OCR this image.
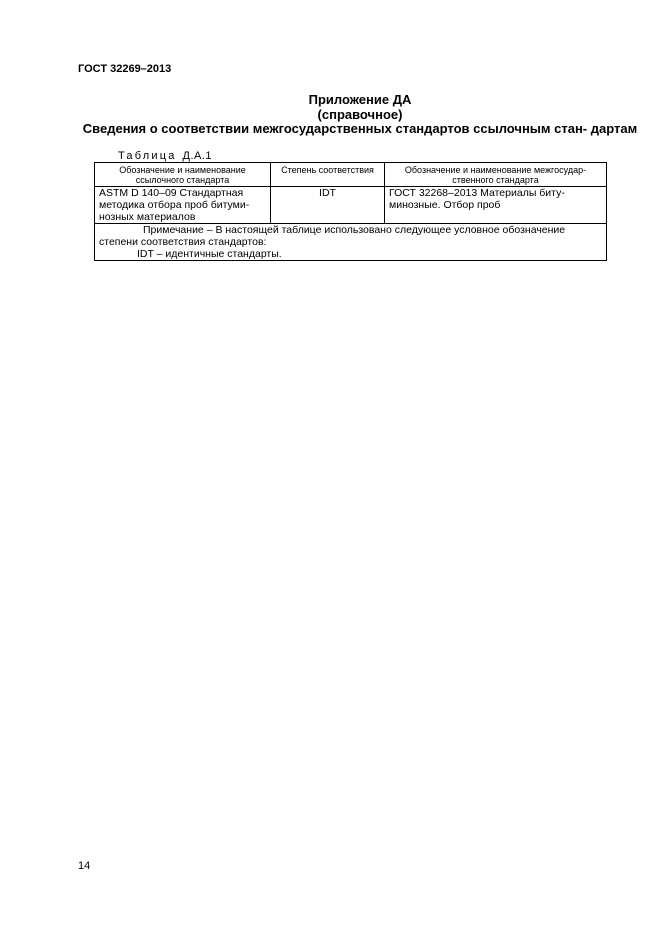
ГОСТ 32269–2013
Приложение ДА
(справочное)
Сведения о соответствии межгосударственных стандартов ссылочным стан- дартам
Таблица Д.А.1
Обозначение и наименование ссылочного стандарта	Степень соответствия	Обозначение и наименование межгосудар- ственного стандарта
ASTM D 140–09 Стандартная методика отбора проб битуми- нозных материалов	IDT	ГОСТ 32268–2013 Материалы биту- минозные. Отбор проб

Примечание – В настоящей таблице использовано следующее условное обозначение
степени соответствия стандартов:
IDT – идентичные стандарты.		
14
